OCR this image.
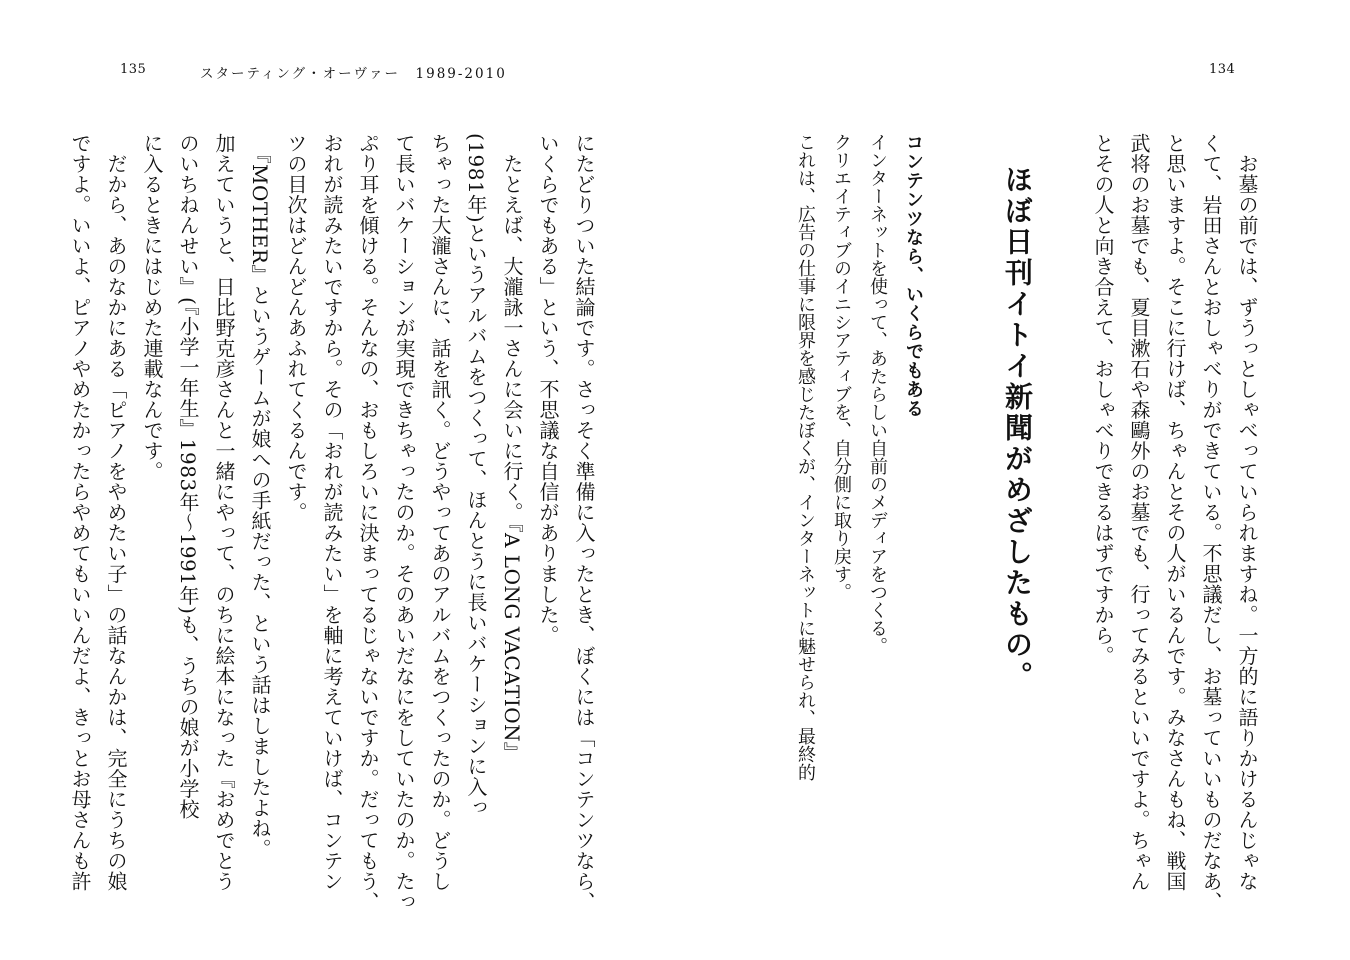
135	スターティング・オーヴァー　1989-2010

にたどりついた結論です。さっそく準備に入ったとき、ぼくには「コンテンツなら、

いくらでもある」という、不思議な自信がありました。

　たとえば、大瀧詠一さんに会いに行く。『A LONG VACATION』

(1981年)というアルバムをつくって、ほんとうに長いバケーションに入っ

ちゃった大瀧さんに、話を訊く。どうやってあのアルバムをつくったのか。どうし

て長いバケーションが実現できちゃったのか。そのあいだなにをしていたのか。たっ

ぷり耳を傾ける。そんなの、おもしろいに決まってるじゃないですか。だってもう、

おれが読みたいですから。その「おれが読みたい」を軸に考えていけば、コンテン

ツの目次はどんどんあふれてくるんです。

　『MOTHER』というゲームが娘への手紙だった、という話はしましたよね。

加えていうと、日比野克彦さんと一緒にやって、のちに絵本になった『おめでとう

のいちねんせい』(『小学一年生』1983年〜1991年)も、うちの娘が小学校

に入るときにはじめた連載なんです。

　だから、あのなかにある「ピアノをやめたい子」の話なんかは、完全にうちの娘

ですよ。いいよ、ピアノやめたかったらやめてもいいんだよ、きっとお母さんも許

134

　お墓の前では、ずうっとしゃべっていられますね。一方的に語りかけるんじゃな

くて、岩田さんとおしゃべりができている。不思議だし、お墓っていいものだなあ、

と思いますよ。そこに行けば、ちゃんとその人がいるんです。みなさんもね、戦国

武将のお墓でも、夏目漱石や森鷗外のお墓でも、行ってみるといいですよ。ちゃん

とその人と向き合えて、おしゃべりできるはずですから。

ほぼ日刊イトイ新聞がめざしたもの。
コンテンツなら、いくらでもある

インターネットを使って、あたらしい自前のメディアをつくる。

クリエイティブのイニシアティブを、自分側に取り戻す。

これは、広告の仕事に限界を感じたぼくが、インターネットに魅せられ、最終的
